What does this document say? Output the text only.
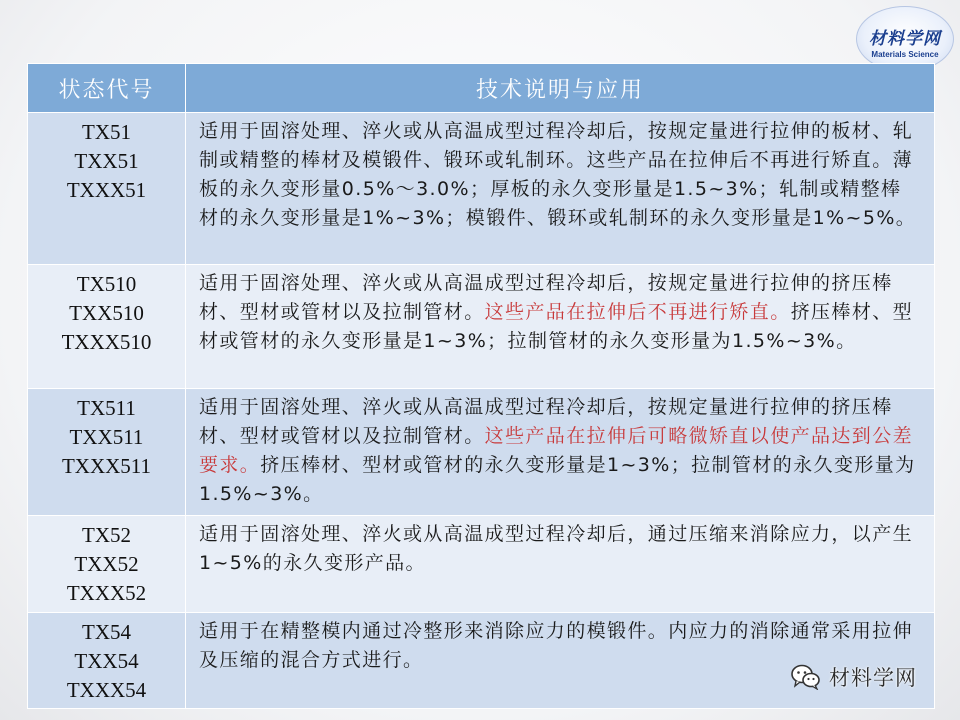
材料学网
Materials Science
状态代号	技术说明与应用

TX51
TXX51
TXXX51	适用于固溶处理、淬火或从高温成型过程冷却后，按规定量进行拉伸的板材、轧制或精整的棒材及模锻件、锻环或轧制环。这些产品在拉伸后不再进行矫直。薄板的永久变形量0.5%～3.0%；厚板的永久变形量是1.5~3%；轧制或精整棒材的永久变形量是1%~3%；模锻件、锻环或轧制环的永久变形量是1%~5%。

TX510
TXX510
TXXX510	适用于固溶处理、淬火或从高温成型过程冷却后，按规定量进行拉伸的挤压棒材、型材或管材以及拉制管材。这些产品在拉伸后不再进行矫直。挤压棒材、型材或管材的永久变形量是1~3%；拉制管材的永久变形量为1.5%~3%。

TX511
TXX511
TXXX511	适用于固溶处理、淬火或从高温成型过程冷却后，按规定量进行拉伸的挤压棒材、型材或管材以及拉制管材。这些产品在拉伸后可略微矫直以使产品达到公差要求。挤压棒材、型材或管材的永久变形量是1~3%；拉制管材的永久变形量为1.5%~3%。

TX52
TXX52
TXXX52	适用于固溶处理、淬火或从高温成型过程冷却后，通过压缩来消除应力，以产生1~5%的永久变形产品。

TX54
TXX54
TXXX54	适用于在精整模内通过冷整形来消除应力的模锻件。内应力的消除通常采用拉伸及压缩的混合方式进行。
材料学网
